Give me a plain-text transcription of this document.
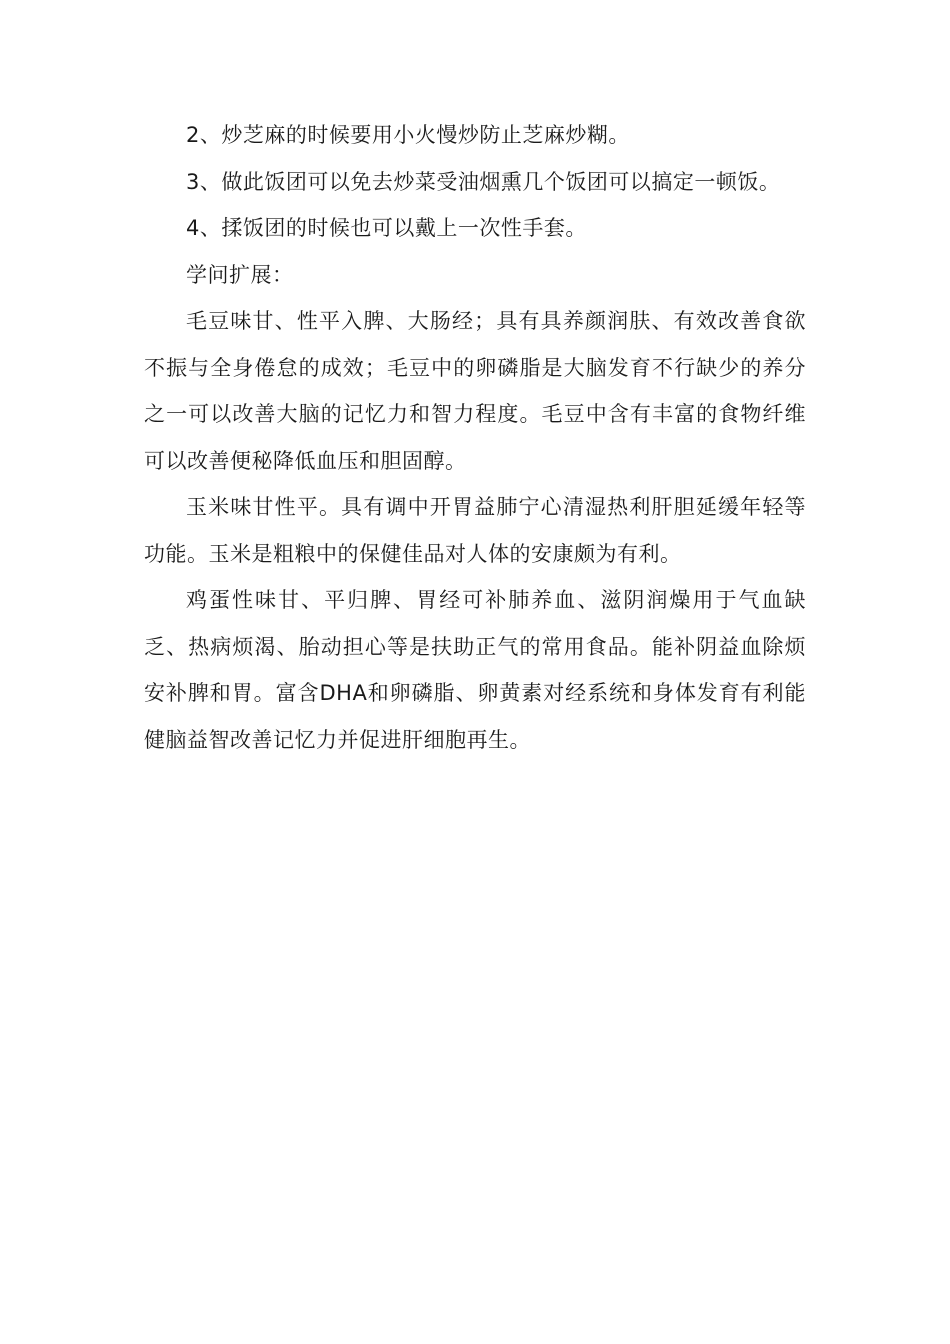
2、炒芝麻的时候要用小火慢炒防止芝麻炒糊。

3、做此饭团可以免去炒菜受油烟熏几个饭团可以搞定一顿饭。

4、揉饭团的时候也可以戴上一次性手套。

学问扩展：

毛豆味甘、性平入脾、大肠经；具有具养颜润肤、有效改善食欲不振与全身倦怠的成效；毛豆中的卵磷脂是大脑发育不行缺少的养分之一可以改善大脑的记忆力和智力程度。毛豆中含有丰富的食物纤维可以改善便秘降低血压和胆固醇。

玉米味甘性平。具有调中开胃益肺宁心清湿热利肝胆延缓年轻等功能。玉米是粗粮中的保健佳品对人体的安康颇为有利。

鸡蛋性味甘、平归脾、胃经可补肺养血、滋阴润燥用于气血缺乏、热病烦渴、胎动担心等是扶助正气的常用食品。能补阴益血除烦安补脾和胃。富含DHA和卵磷脂、卵黄素对经系统和身体发育有利能健脑益智改善记忆力并促进肝细胞再生。
